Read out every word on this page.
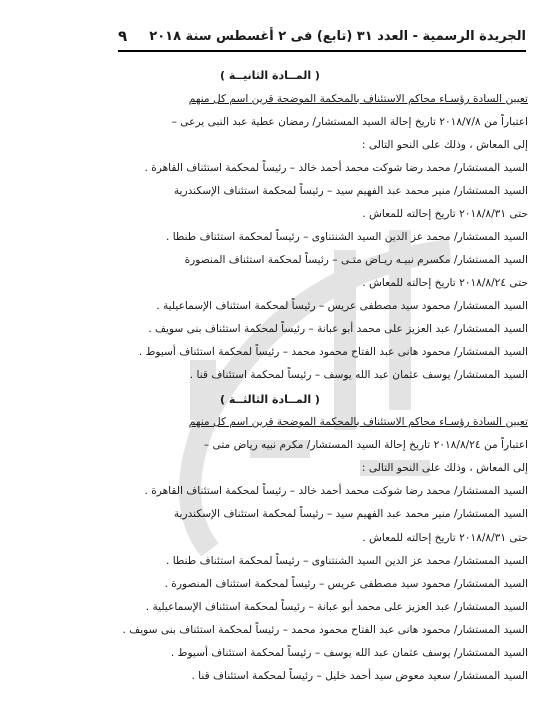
الجريدة الرسمية - العدد ٣١ (تابع) فى ٢ أغسطس سنة ٢٠١٨
٩
( المــادة الثانيــة )
تعيين السادة رؤسـاء محاكم الاستئناف بالمحكمة الموضحة قرين اسم كل منهم
اعتباراً من ٢٠١٨/٧/٨ تاريخ إحالة السيد المستشار/ رمضان عطية عبد النبى يرعى –
إلى المعاش ، وذلك على النحو التالى :
السيد المستشار/ محمد رضا شوكت محمد أحمد خالد – رئيساً لمحكمة استئناف القاهرة .
السيد المستشار/ منير محمد عبد الفهيم سيد – رئيساً لمحكمة استئناف الإسكندرية
حتى ٢٠١٨/٨/٣١ تاريخ إحالته للمعاش .
السيد المستشار/ محمد عز الدين السيد الشنتناوى – رئيساً لمحكمة استئناف طنطا .
السيد المستشار/ مكسرم نبيـه ريـاض متـى – رئيساً لمحكمة استئناف المنصورة
حتى ٢٠١٨/٨/٢٤ تاريخ إحالته للمعاش .
السيد المستشار/ محمود سيد مصطفى عريس – رئيساً لمحكمة استئناف الإسماعيلية .
السيد المستشار/ عبد العزيز على محمد أبو عبانة – رئيساً لمحكمة استئناف بنى سويف .
السيد المستشار/ محمود هانى عبد الفتاح محمود محمد – رئيساً لمحكمة استئناف أسيوط .
السيد المستشار/ يوسف عثمان عبد الله يوسف – رئيساً لمحكمة استئناف قنا .
( المــادة الثالثــة )
تعيين السادة رؤسـاء محاكم الاستئناف بالمحكمة الموضحة قرين اسم كل منهم
اعتباراً من ٢٠١٨/٨/٢٤ تاريخ إحالة السيد المستشار/ مكرم نبيه رياض متى –
إلى المعاش ، وذلك على النحو التالى :
السيد المستشار/ محمد رضا شوكت محمد أحمد خالد – رئيساً لمحكمة استئناف القاهرة .
السيد المستشار/ منير محمد عبد الفهيم سيد – رئيساً لمحكمة استئناف الإسكندرية
حتى ٢٠١٨/٨/٣١ تاريخ إحالته للمعاش .
السيد المستشار/ محمد عز الدين السيد الشنتناوى – رئيساً لمحكمة استئناف طنطا .
السيد المستشار/ محمود سيد مصطفى عريس – رئيساً لمحكمة استئناف المنصورة .
السيد المستشار/ عبد العزيز على محمد أبو عبانة – رئيساً لمحكمة استئناف الإسماعيلية .
السيد المستشار/ محمود هانى عبد الفتاح محمود محمد – رئيساً لمحكمة استئناف بنى سويف .
السيد المستشار/ يوسف عثمان عبد الله يوسف – رئيساً لمحكمة استئناف أسيوط .
السيد المستشار/ سعيد معوض سيد أحمد خليل – رئيساً لمحكمة استئناف قنا .
